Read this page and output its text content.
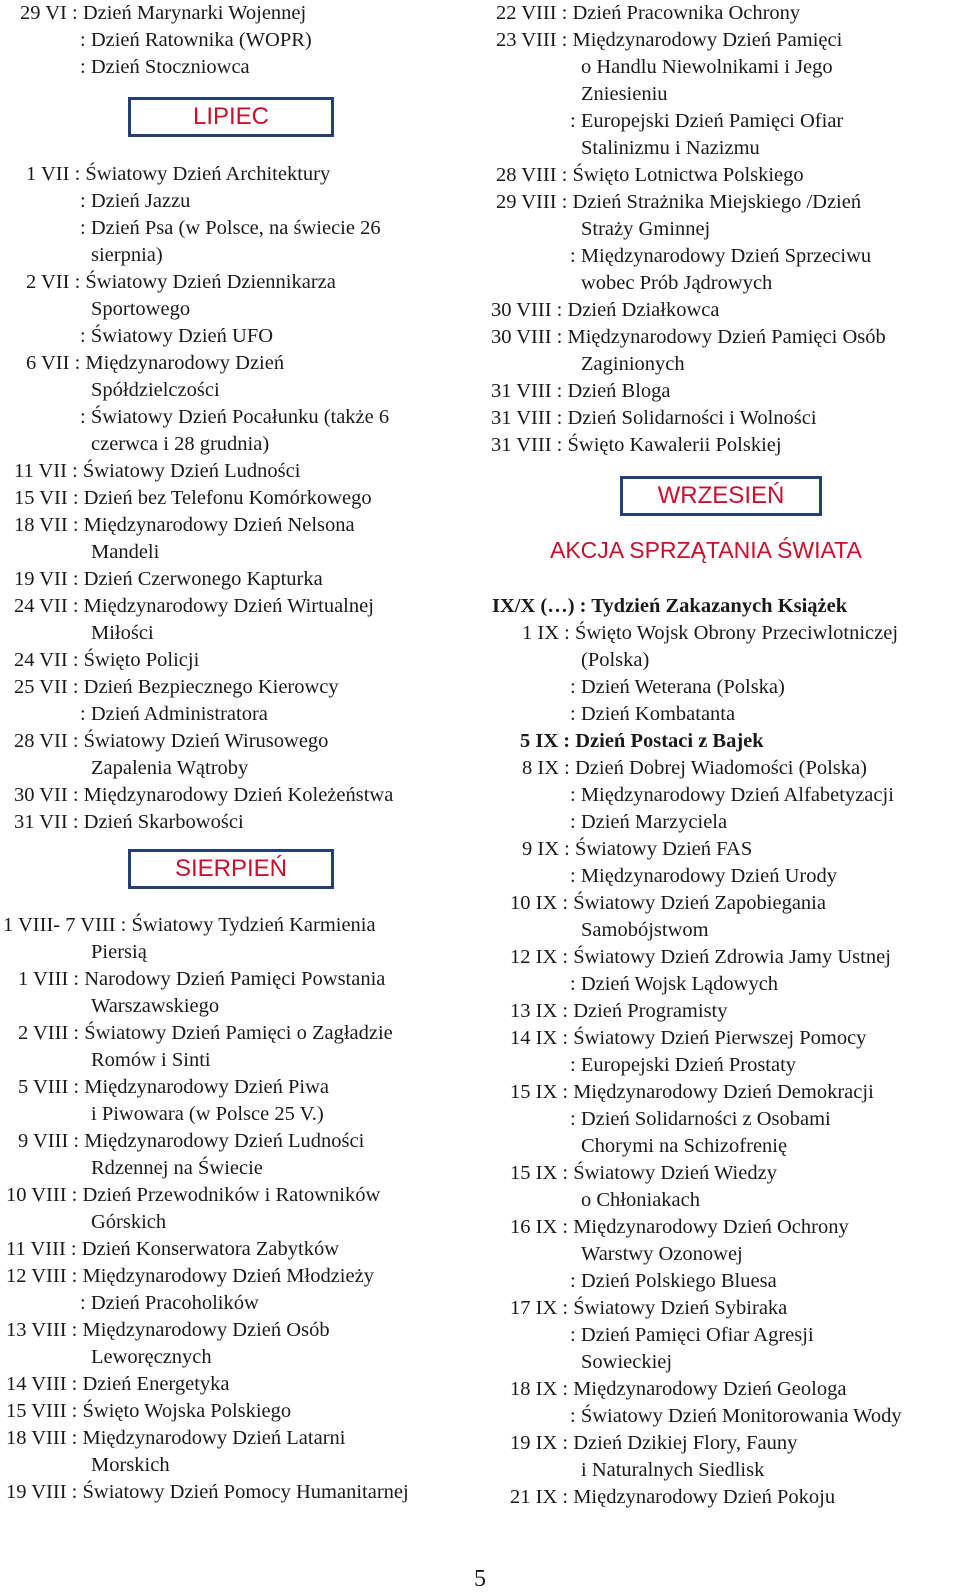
29 VI : Dzień Marynarki Wojennej
: Dzień Ratownika (WOPR)
: Dzień Stoczniowca
LIPIEC
1 VII : Światowy Dzień Architektury
: Dzień Jazzu
: Dzień Psa (w Polsce, na świecie 26
sierpnia)
2 VII : Światowy Dzień Dziennikarza
Sportowego
: Światowy Dzień UFO
6 VII : Międzynarodowy Dzień
Spółdzielczości
: Światowy Dzień Pocałunku (także 6
czerwca i 28 grudnia)
11 VII : Światowy Dzień Ludności
15 VII : Dzień bez Telefonu Komórkowego
18 VII : Międzynarodowy Dzień Nelsona
Mandeli
19 VII : Dzień Czerwonego Kapturka
24 VII : Międzynarodowy Dzień Wirtualnej
Miłości
24 VII : Święto Policji
25 VII : Dzień Bezpiecznego Kierowcy
: Dzień Administratora
28 VII : Światowy Dzień Wirusowego
Zapalenia Wątroby
30 VII : Międzynarodowy Dzień Koleżeństwa
31 VII : Dzień Skarbowości
SIERPIEŃ
1 VIII- 7 VIII : Światowy Tydzień Karmienia
Piersią
1 VIII : Narodowy Dzień Pamięci Powstania
Warszawskiego
2 VIII : Światowy Dzień Pamięci o Zagładzie
Romów i Sinti
5 VIII : Międzynarodowy Dzień Piwa
i Piwowara (w Polsce 25 V.)
9 VIII : Międzynarodowy Dzień Ludności
Rdzennej na Świecie
10 VIII : Dzień Przewodników i Ratowników
Górskich
11 VIII : Dzień Konserwatora Zabytków
12 VIII : Międzynarodowy Dzień Młodzieży
: Dzień Pracoholików
13 VIII : Międzynarodowy Dzień Osób
Leworęcznych
14 VIII : Dzień Energetyka
15 VIII : Święto Wojska Polskiego
18 VIII : Międzynarodowy Dzień Latarni
Morskich
19 VIII : Światowy Dzień Pomocy Humanitarnej
22 VIII : Dzień Pracownika Ochrony
23 VIII : Międzynarodowy Dzień Pamięci
o Handlu Niewolnikami i Jego
Zniesieniu
: Europejski Dzień Pamięci Ofiar
Stalinizmu i Nazizmu
28 VIII : Święto Lotnictwa Polskiego
29 VIII : Dzień Strażnika Miejskiego /Dzień
Straży Gminnej
: Międzynarodowy Dzień Sprzeciwu
wobec Prób Jądrowych
30 VIII : Dzień Działkowca
30 VIII : Międzynarodowy Dzień Pamięci Osób
Zaginionych
31 VIII : Dzień Bloga
31 VIII : Dzień Solidarności i Wolności
31 VIII : Święto Kawalerii Polskiej
WRZESIEŃ
AKCJA SPRZĄTANIA ŚWIATA
IX/X (…) : Tydzień Zakazanych Książek
1 IX : Święto Wojsk Obrony Przeciwlotniczej
(Polska)
: Dzień Weterana (Polska)
: Dzień Kombatanta
5 IX : Dzień Postaci z Bajek
8 IX : Dzień Dobrej Wiadomości (Polska)
: Międzynarodowy Dzień Alfabetyzacji
: Dzień Marzyciela
9 IX : Światowy Dzień FAS
: Międzynarodowy Dzień Urody
10 IX : Światowy Dzień Zapobiegania
Samobójstwom
12 IX : Światowy Dzień Zdrowia Jamy Ustnej
: Dzień Wojsk Lądowych
13 IX : Dzień Programisty
14 IX : Światowy Dzień Pierwszej Pomocy
: Europejski Dzień Prostaty
15 IX : Międzynarodowy Dzień Demokracji
: Dzień Solidarności z Osobami
Chorymi na Schizofrenię
15 IX : Światowy Dzień Wiedzy
o Chłoniakach
16 IX : Międzynarodowy Dzień Ochrony
Warstwy Ozonowej
: Dzień Polskiego Bluesa
17 IX : Światowy Dzień Sybiraka
: Dzień Pamięci Ofiar Agresji
Sowieckiej
18 IX : Międzynarodowy Dzień Geologa
: Światowy Dzień Monitorowania Wody
19 IX : Dzień Dzikiej Flory, Fauny
i Naturalnych Siedlisk
21 IX : Międzynarodowy Dzień Pokoju
5
